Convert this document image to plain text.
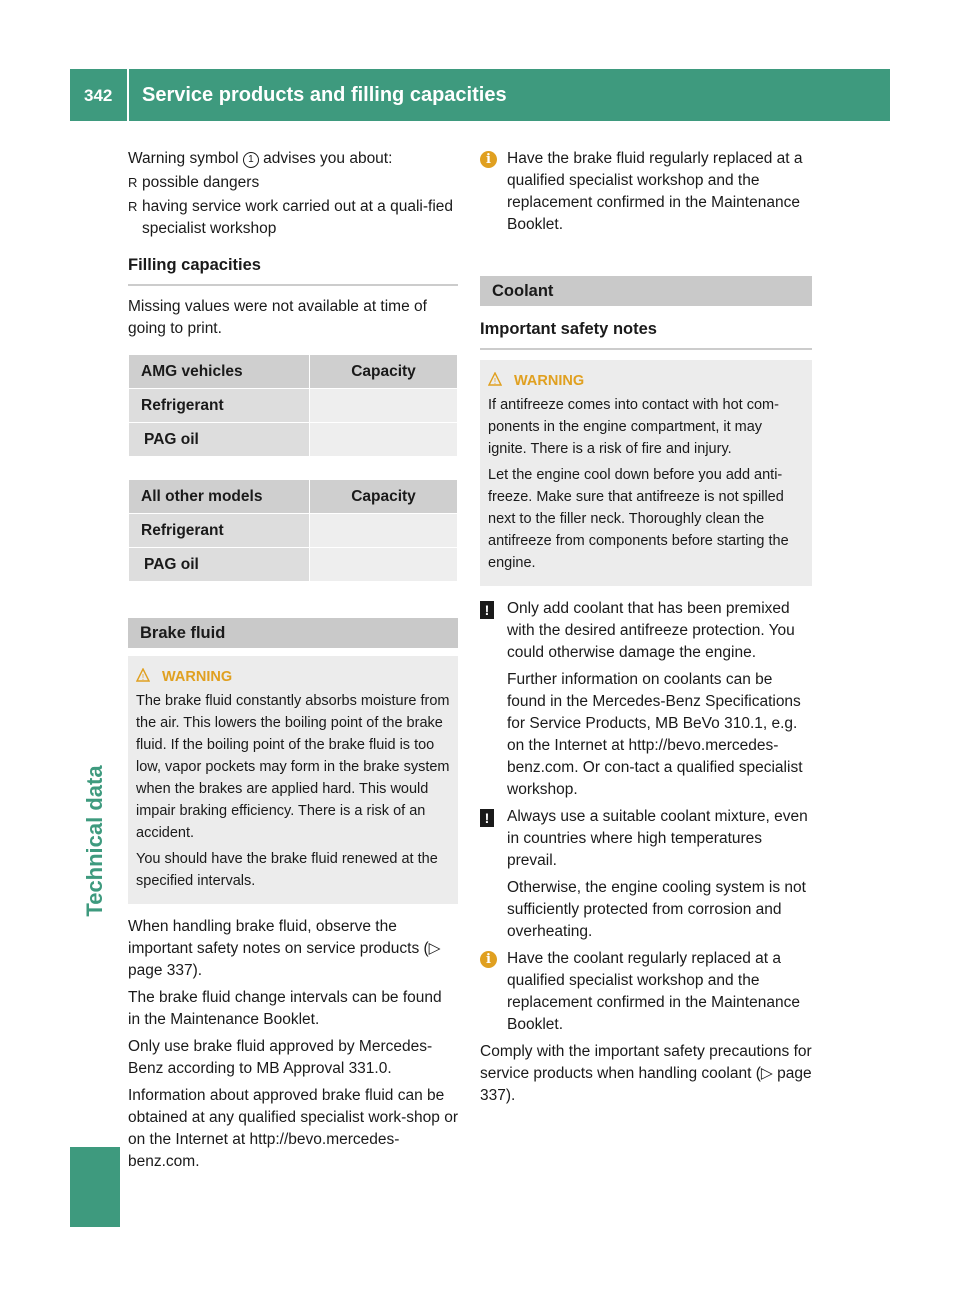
342 Service products and filling capacities
Technical data

Warning symbol 1 advises you about:

R possible dangers
R having service work carried out at a quali-fied specialist workshop
Filling capacities

Missing values were not available at time of going to print.

AMG vehicles	Capacity
Refrigerant	
PAG oil	
All other models	Capacity
Refrigerant	
PAG oil	
Brake fluid
! WARNING

The brake fluid constantly absorbs moisture from the air. This lowers the boiling point of the brake fluid. If the boiling point of the brake fluid is too low, vapor pockets may form in the brake system when the brakes are applied hard. This would impair braking efficiency. There is a risk of an accident.

You should have the brake fluid renewed at the specified intervals.

When handling brake fluid, observe the important safety notes on service products (▷ page 337).

The brake fluid change intervals can be found in the Maintenance Booklet.

Only use brake fluid approved by Mercedes-Benz according to MB Approval 331.0.

Information about approved brake fluid can be obtained at any qualified specialist work-shop or on the Internet at http://bevo.mercedes-benz.com.

i	Have the brake fluid regularly replaced at a qualified specialist workshop and the replacement confirmed in the Maintenance Booklet.
Coolant
Important safety notes
! WARNING

If antifreeze comes into contact with hot com-ponents in the engine compartment, it may ignite. There is a risk of fire and injury.

Let the engine cool down before you add anti-freeze. Make sure that antifreeze is not spilled next to the filler neck. Thoroughly clean the antifreeze from components before starting the engine.

!	Only add coolant that has been premixed with the desired antifreeze protection. You could otherwise damage the engine.

Further information on coolants can be found in the Mercedes-Benz Specifications for Service Products, MB BeVo 310.1, e.g. on the Internet at http://bevo.mercedes-benz.com. Or con-tact a qualified specialist workshop.

!	Always use a suitable coolant mixture, even in countries where high temperatures prevail.

Otherwise, the engine cooling system is not sufficiently protected from corrosion and overheating.

i	Have the coolant regularly replaced at a qualified specialist workshop and the replacement confirmed in the Maintenance Booklet.

Comply with the important safety precautions for service products when handling coolant (▷ page 337).
